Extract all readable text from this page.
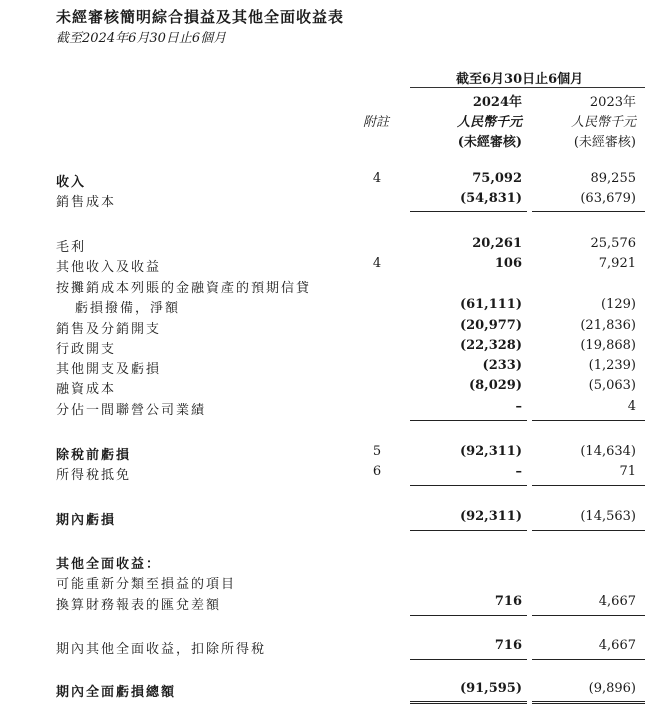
未經審核簡明綜合損益及其他全面收益表
截至2024年6月30日止6個月
截至6月30日止6個月
2024年	2023年
附註	人民幣千元	人民幣千元
(未經審核)	(未經審核)
收入	4	75,092	89,255
銷售成本	(54,831)	(63,679)
毛利	20,261	25,576
其他收入及收益	4	106	7,921
按攤銷成本列賬的金融資產的預期信貸
虧損撥備，淨額	(61,111)	(129)
銷售及分銷開支	(20,977)	(21,836)
行政開支	(22,328)	(19,868)
其他開支及虧損	(233)	(1,239)
融資成本	(8,029)	(5,063)
分佔一間聯營公司業績	–	4
除稅前虧損	5	(92,311)	(14,634)
所得稅抵免	6	–	71
期內虧損	(92,311)	(14,563)
其他全面收益：
可能重新分類至損益的項目
換算財務報表的匯兌差額	716	4,667
期內其他全面收益，扣除所得稅	716	4,667
期內全面虧損總額	(91,595)	(9,896)
